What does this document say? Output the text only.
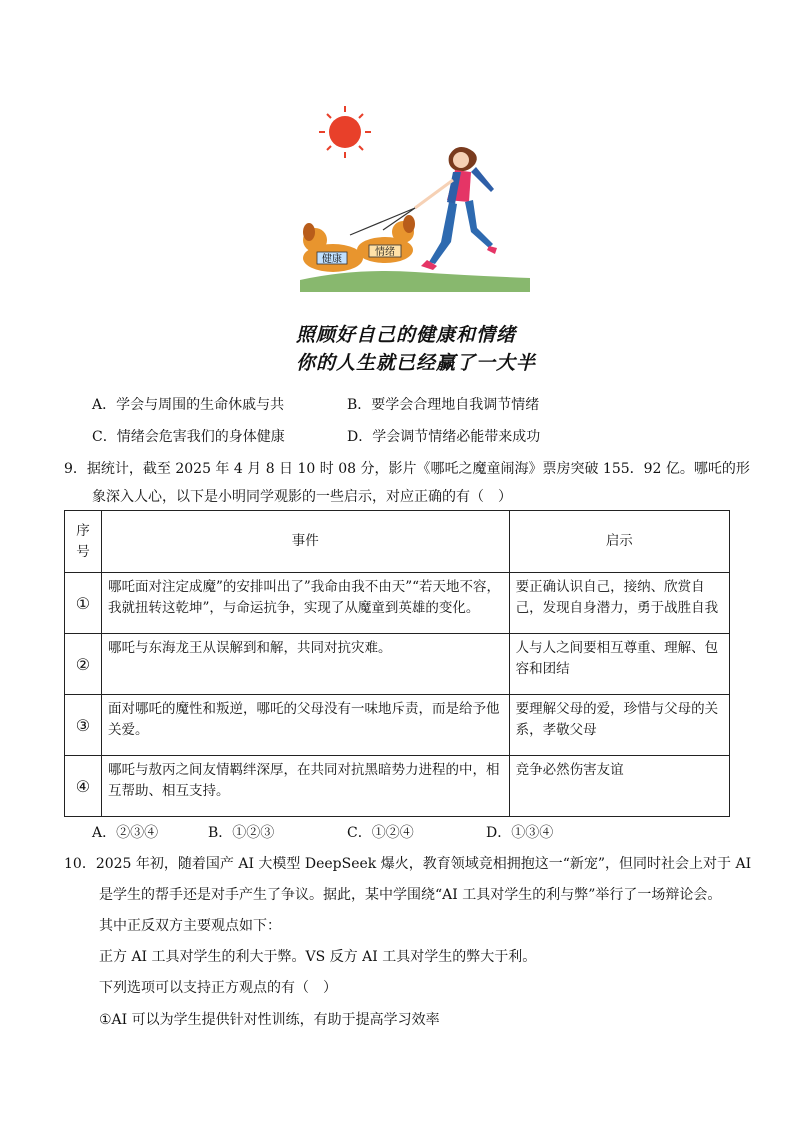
健康
情绪
照顾好自己的健康和情绪
你的人生就已经赢了一大半
A．学会与周围的生命休戚与共	B．要学会合理地自我调节情绪
C．情绪会危害我们的身体健康	D．学会调节情绪必能带来成功
9．据统计，截至 2025 年 4 月 8 日 10 时 08 分，影片《哪吒之魔童闹海》票房突破 155．92 亿。哪吒的形
象深入人心，以下是小明同学观影的一些启示，对应正确的有（　）
序号	事件	启示
①	哪吒面对注定成魔”的安排叫出了”我命由我不由天”“若天地不容，我就扭转这乾坤”，与命运抗争，实现了从魔童到英雄的变化。	要正确认识自己，接纳、欣赏自己，发现自身潜力，勇于战胜自我
②	哪吒与东海龙王从误解到和解，共同对抗灾难。	人与人之间要相互尊重、理解、包容和团结
③	面对哪吒的魔性和叛逆，哪吒的父母没有一味地斥责，而是给予他关爱。	要理解父母的爱，珍惜与父母的关系，孝敬父母
④	哪吒与敖丙之间友情羁绊深厚，在共同对抗黑暗势力进程的中，相互帮助、相互支持。	竞争必然伤害友谊
A．②③④	B．①②③	C．①②④	D．①③④
10．2025 年初，随着国产 AI 大模型 DeepSeek 爆火，教育领域竞相拥抱这一“新宠”，但同时社会上对于 AI
是学生的帮手还是对手产生了争议。据此，某中学围绕“AI 工具对学生的利与弊”举行了一场辩论会。
其中正反双方主要观点如下：
正方 AI 工具对学生的利大于弊。VS 反方 AI 工具对学生的弊大于利。
下列选项可以支持正方观点的有（　）
①AI 可以为学生提供针对性训练，有助于提高学习效率
